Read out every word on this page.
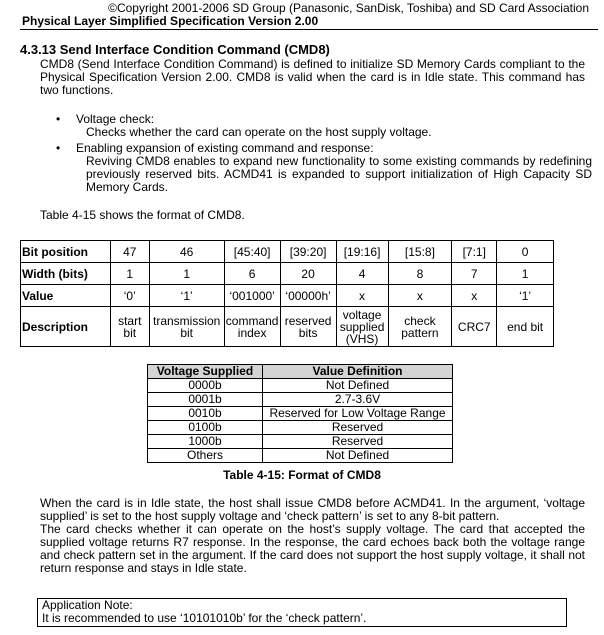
©Copyright 2001-2006 SD Group (Panasonic, SanDisk, Toshiba) and SD Card Association
Physical Layer Simplified Specification Version 2.00
4.3.13 Send Interface Condition Command (CMD8)
CMD8 (Send Interface Condition Command) is defined to initialize SD Memory Cards compliant to the Physical Specification Version 2.00. CMD8 is valid when the card is in Idle state. This command has two functions.
• Voltage check:
Checks whether the card can operate on the host supply voltage.
• Enabling expansion of existing command and response:
Reviving CMD8 enables to expand new functionality to some existing commands by redefining previously reserved bits. ACMD41 is expanded to support initialization of High Capacity SD Memory Cards.
Table 4-15 shows the format of CMD8.
Bit position	47	46	[45:40]	[39:20]	[19:16]	[15:8]	[7:1]	0
Width (bits)	1	1	6	20	4	8	7	1
Value	‘0’	‘1’	‘001000’	‘00000h’	x	x	x	‘1’
Description	start bit	transmission bit	command index	reserved bits	voltage supplied (VHS)	check pattern	CRC7	end bit
Voltage Supplied	Value Definition
0000b	Not Defined
0001b	2.7-3.6V
0010b	Reserved for Low Voltage Range
0100b	Reserved
1000b	Reserved
Others	Not Defined
Table 4-15: Format of CMD8
When the card is in Idle state, the host shall issue CMD8 before ACMD41. In the argument, ‘voltage supplied’ is set to the host supply voltage and ‘check pattern’ is set to any 8-bit pattern.
The card checks whether it can operate on the host’s supply voltage. The card that accepted the supplied voltage returns R7 response. In the response, the card echoes back both the voltage range and check pattern set in the argument. If the card does not support the host supply voltage, it shall not return response and stays in Idle state.
Application Note:
It is recommended to use ‘10101010b’ for the ‘check pattern’.
